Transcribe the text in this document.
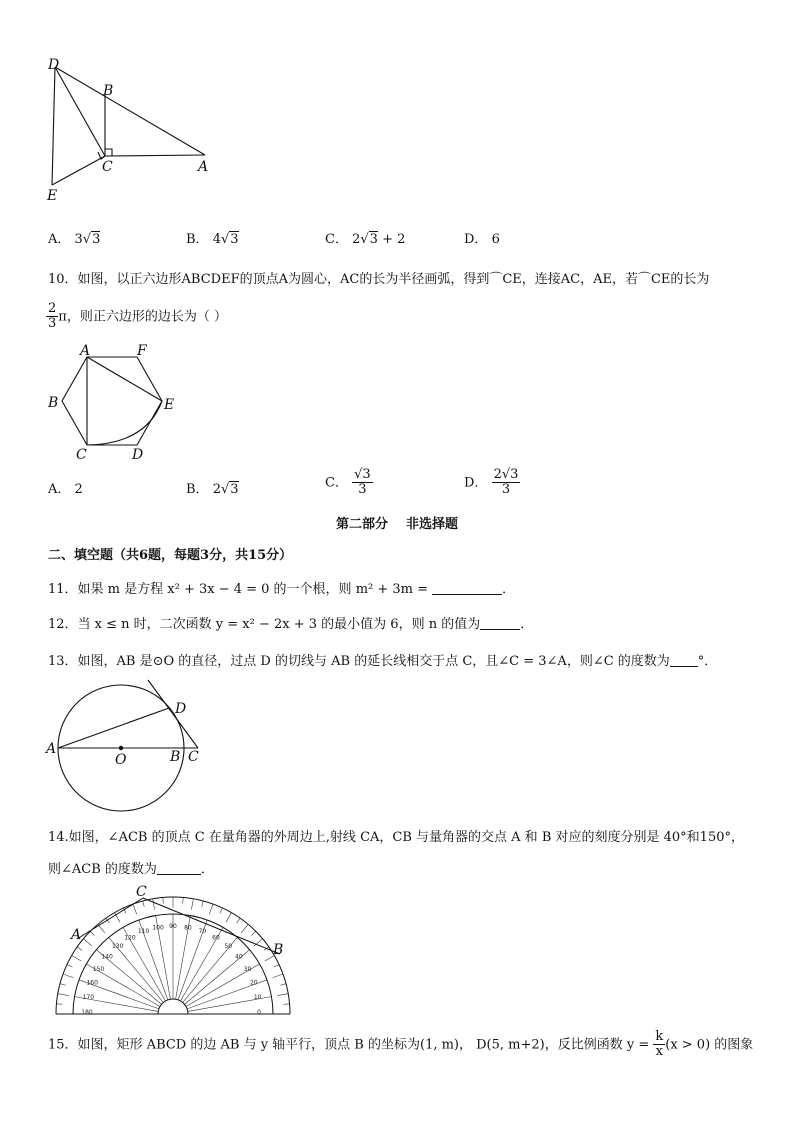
D
B
C	A
E
A． 3√3	B． 4√3	C． 2√3 + 2	D． 6
10．如图，以正六边形ABCDEF的顶点A为圆心，AC的长为半径画弧，得到⌒CE，连接AC，AE，若⌒CE的长为
$\frac{2}{3}$ π，则正六边形的边长为（ ）
A	F
B	E
C	D
A． 2	B． 2√3	C． $\frac{√3}{3}$	D． $\frac{2√3}{3}$
第二部分    非选择题
二、填空题（共6题，每题3分，共15分）
11．如果 m 是方程 x² + 3x − 4 = 0 的一个根，则 m² + 3m =	．
12．当 x ≤ n 时，二次函数 y = x² − 2x + 3 的最小值为 6，则 n 的值为	．
13．如图，AB 是⊙O 的直径，过点 D 的切线与 AB 的延长线相交于点 C，且∠C = 3∠A，则∠C 的度数为 °．
D
A
O	B C
14.如图，∠ACB 的顶点 C 在量角器的外周边上,射线 CA，CB 与量角器的交点 A 和 B 对应的刻度分别是 40°和150°，
则∠ACB 的度数为	．
180
170
160
150
140
130
120
110
100 90 80
70
60
50
40
30
20
10
0
C
A
B
15．如图，矩形 ABCD 的边 AB 与 y 轴平行，顶点 B 的坐标为(1, m)， D(5, m+2)，反比例函数 $y = \frac{k}{x} (x > 0)$ 的图象
